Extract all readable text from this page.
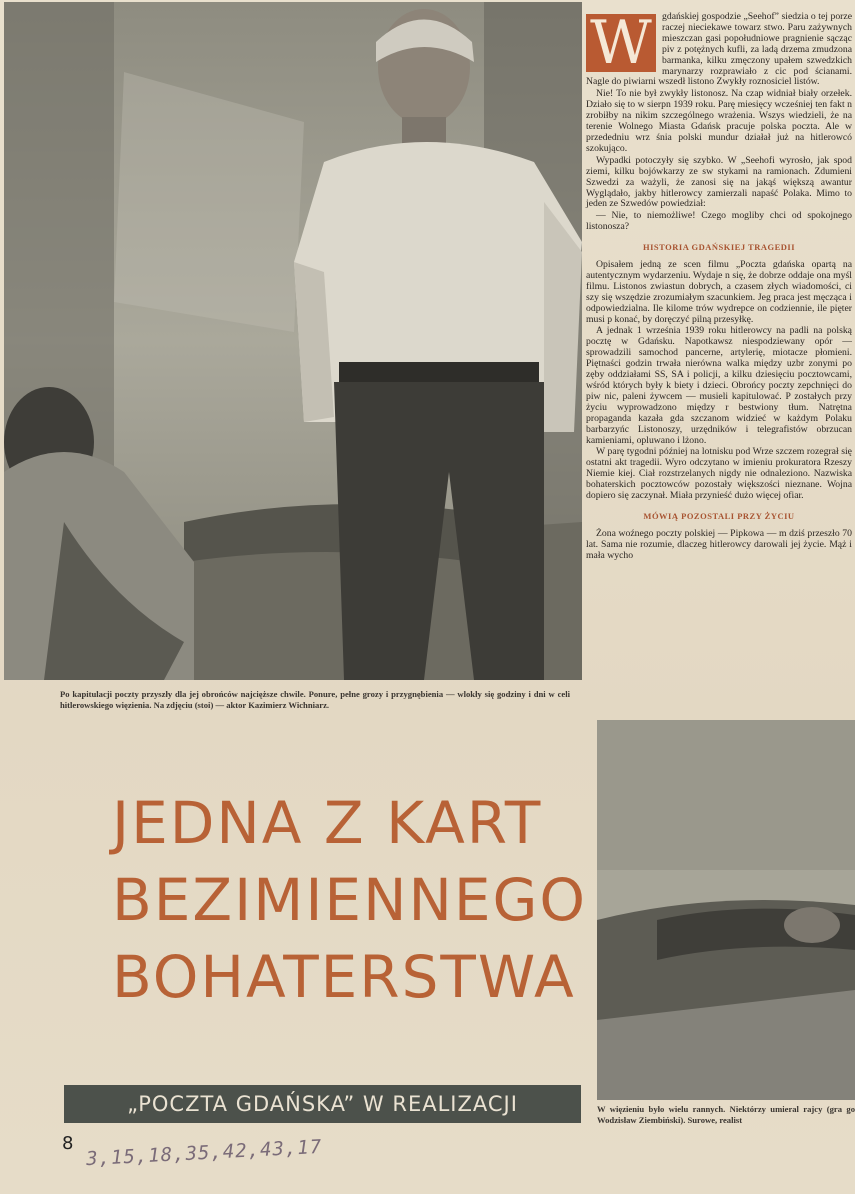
Po kapitulacji poczty przyszły dla jej obrońców najcięższe chwile. Ponure, pełne grozy i przygnębienia — wlokły się godziny i dni w celi hitlerowskiego więzienia. Na zdjęciu (stoi) — aktor Kazimierz Wichniarz.

W	gdańskiej gospodzie „Seehof” siedzia o tej porze raczej nieciekawe towarz stwo. Paru zażywnych mieszczan gasi popołudniowe pragnienie sącząc piv z potężnych kufli, za ladą drzema zmudzona barmanka, kilku zmęczony upałem szwedzkich marynarzy rozprawiało z cic pod ścianami. Nagle do piwiarni wszedł listono Zwykły roznosiciel listów.

Nie! To nie był zwykły listonosz. Na czap widniał biały orzełek. Działo się to w sierpn 1939 roku. Parę miesięcy wcześniej ten fakt n zrobiłby na nikim szczególnego wrażenia. Wszys wiedzieli, że na terenie Wolnego Miasta Gdańsk pracuje polska poczta. Ale w przededniu wrz śnia polski mundur działał już na hitlerowcó szokująco.

Wypadki potoczyły się szybko. W „Seehofi wyrosło, jak spod ziemi, kilku bojówkarzy ze sw stykami na ramionach. Zdumieni Szwedzi za ważyli, że zanosi się na jakąś większą awantur Wyglądało, jakby hitlerowcy zamierzali napaść Polaka. Mimo to jeden ze Szwedów powiedział:

— Nie, to niemożliwe! Czego mogliby chci od spokojnego listonosza?

HISTORIA GDAŃSKIEJ TRAGEDII

Opisałem jedną ze scen filmu „Poczta gdańska opartą na autentycznym wydarzeniu. Wydaje n się, że dobrze oddaje ona myśl filmu. Listonos zwiastun dobrych, a czasem złych wiadomości, ci szy się wszędzie zrozumiałym szacunkiem. Jeg praca jest męcząca i odpowiedzialna. Ile kilome trów wydrepce on codziennie, ile pięter musi p konać, by doręczyć pilną przesyłkę.

A jednak 1 września 1939 roku hitlerowcy na padli na polską pocztę w Gdańsku. Napotkawsz niespodziewany opór — sprowadzili samochod pancerne, artylerię, miotacze płomieni. Piętnaści godzin trwała nierówna walka między uzbr zonymi po zęby oddziałami SS, SA i policji, a kilku dziesięciu pocztowcami, wśród których były k biety i dzieci. Obrońcy poczty zepchnięci do piw nic, paleni żywcem — musieli kapitulować. P zostałych przy życiu wyprowadzono między r bestwiony tłum. Natrętna propaganda kazała gda szczanom widzieć w każdym Polaku barbarzyńc Listonoszy, urzędników i telegrafistów obrzucan kamieniami, opluwano i lżono.

W parę tygodni później na lotnisku pod Wrze szczem rozegrał się ostatni akt tragedii. Wyro odczytano w imieniu prokuratora Rzeszy Niemie kiej. Ciał rozstrzelanych nigdy nie odnaleziono. Nazwiska bohaterskich pocztowców pozostały większości nieznane. Wojna dopiero się zaczynał. Miała przynieść dużo więcej ofiar.

MÓWIĄ POZOSTALI PRZY ŻYCIU

Żona woźnego poczty polskiej — Pipkowa — m dziś przeszło 70 lat. Sama nie rozumie, dlaczeg hitlerowcy darowali jej życie. Mąż i mała wycho

W więzieniu było wielu rannych. Niektórzy umieral rajcy (gra go Wodzisław Ziembiński). Surowe, realist
JEDNA Z KART
BEZIMIENNEGO
BOHATERSTWA
„POCZTA GDAŃSKA” W REALIZACJI
8 3,15,18,35,42,43,17
